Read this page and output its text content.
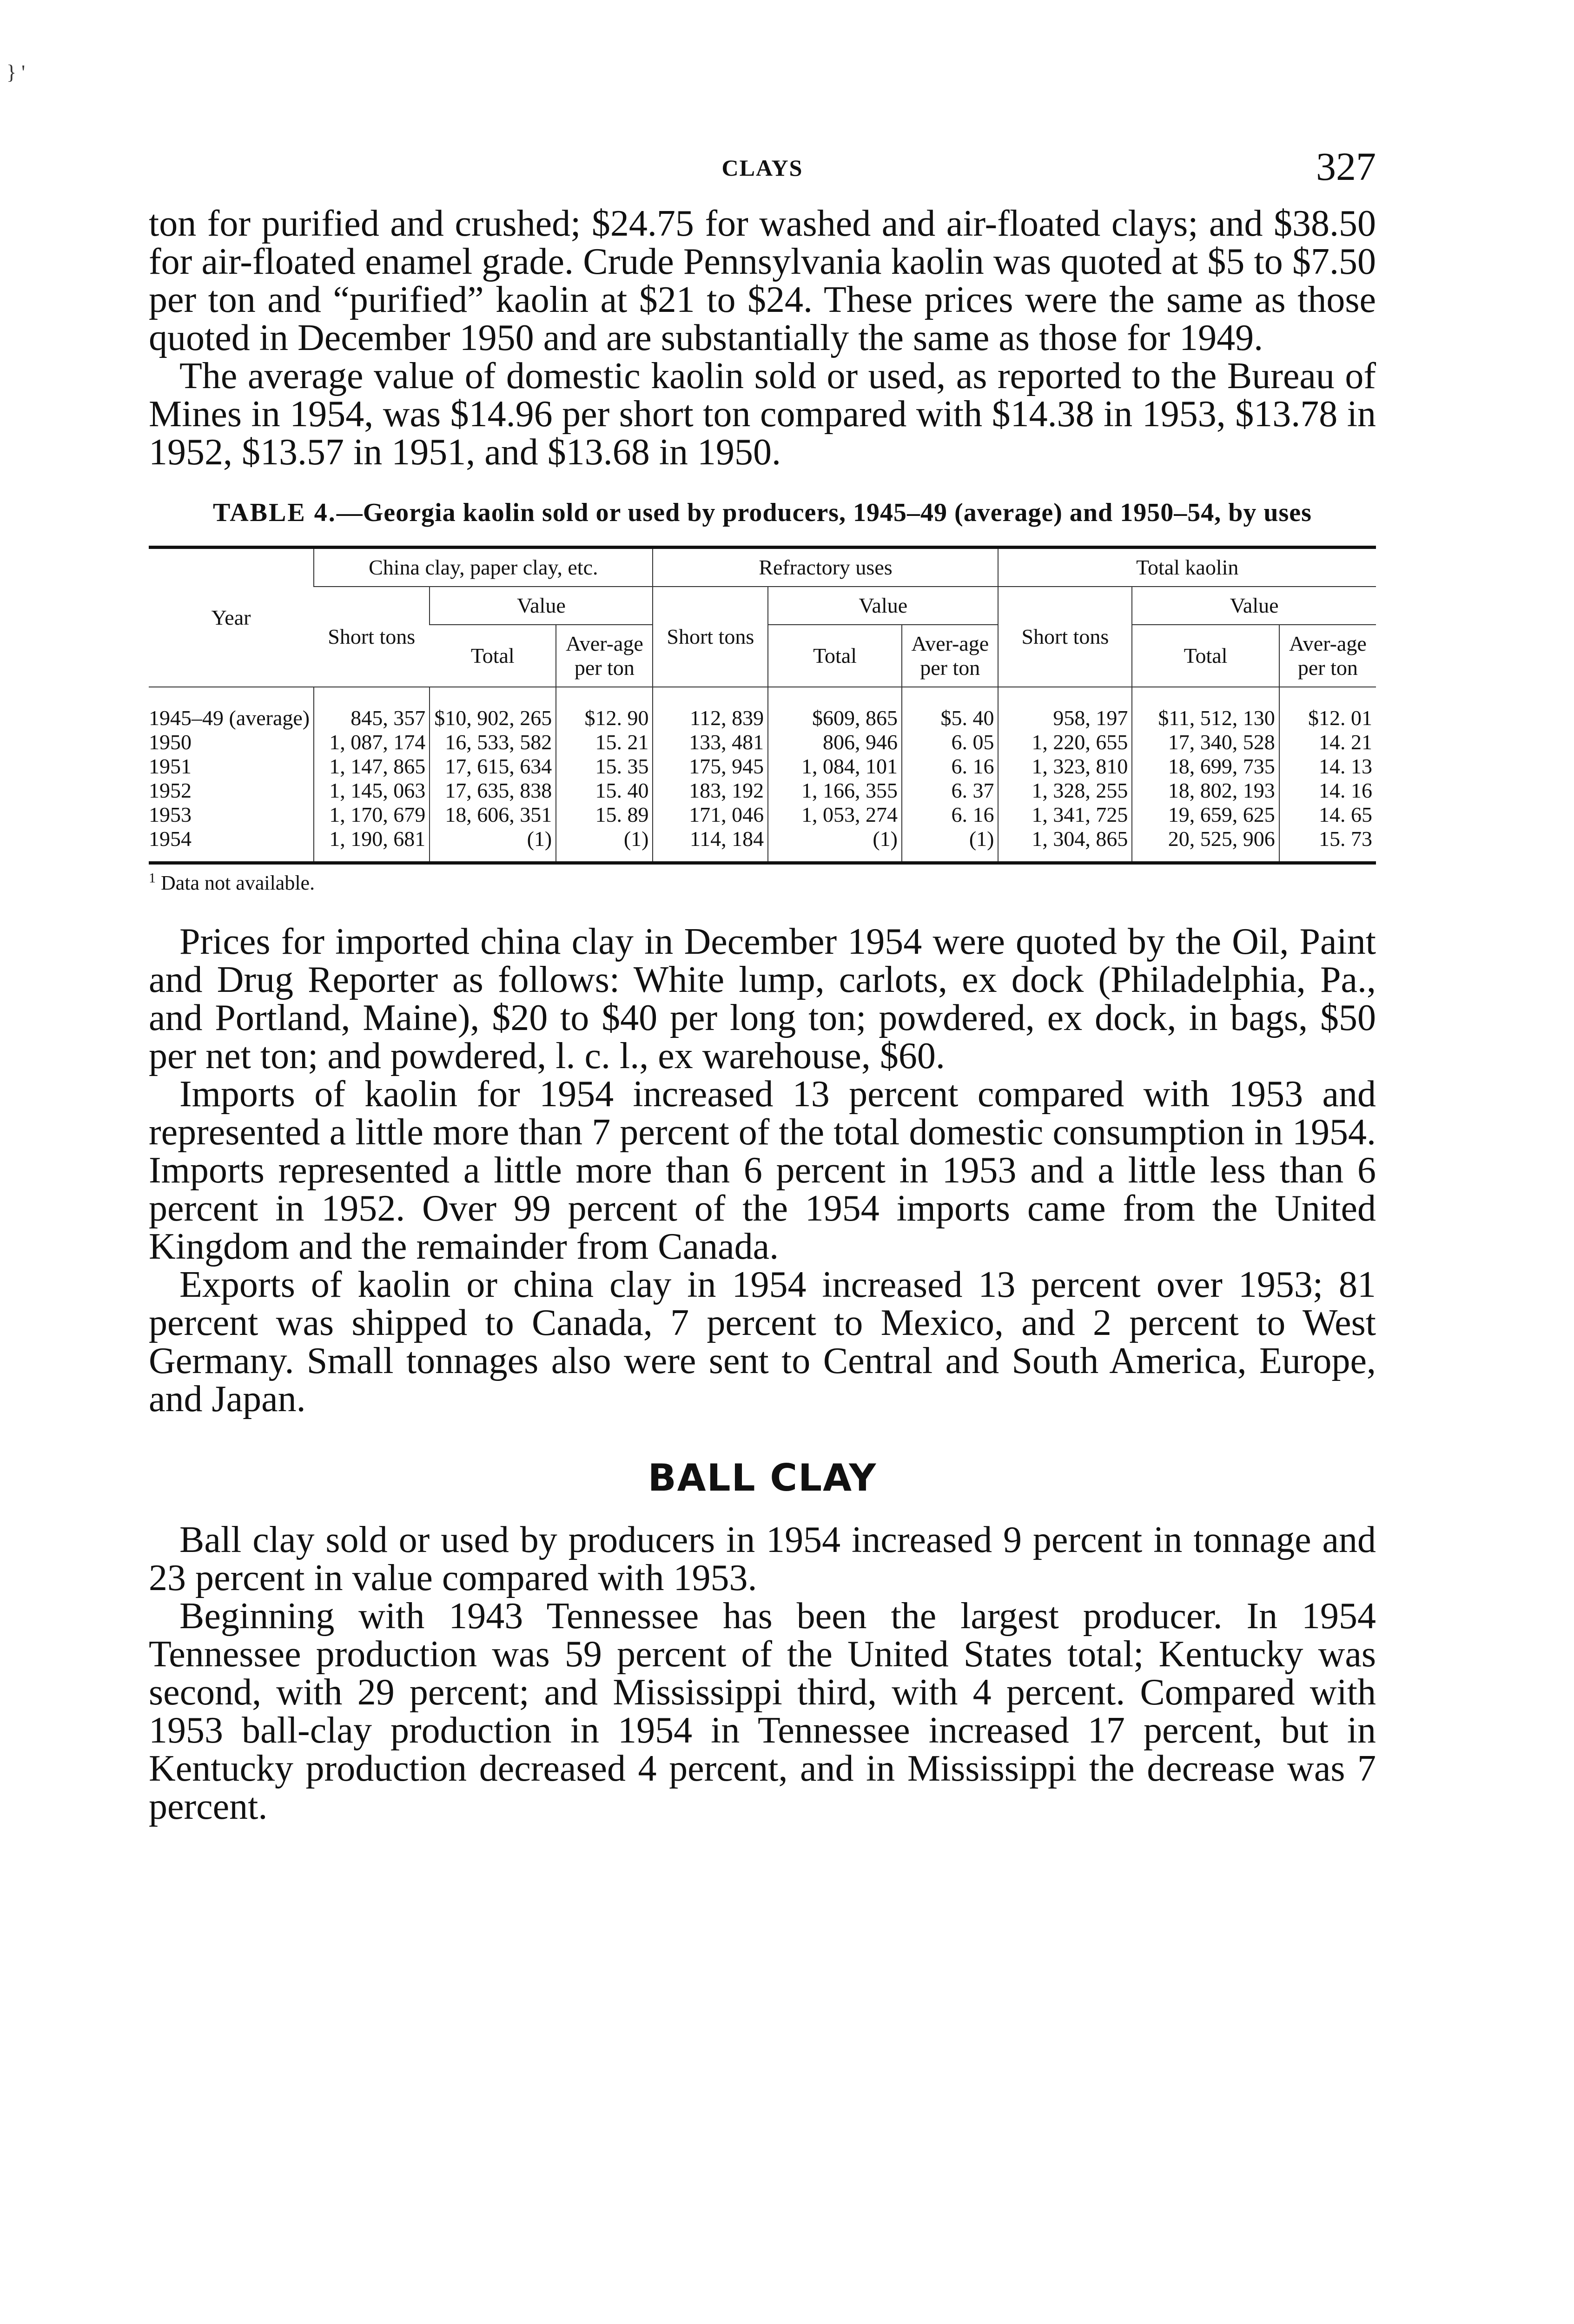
} '
CLAYS	327

ton for purified and crushed; $24.75 for washed and air-floated clays; and $38.50 for air-floated enamel grade. Crude Pennsylvania kaolin was quoted at $5 to $7.50 per ton and “purified” kaolin at $21 to $24. These prices were the same as those quoted in December 1950 and are substantially the same as those for 1949.

The average value of domestic kaolin sold or used, as reported to the Bureau of Mines in 1954, was $14.96 per short ton compared with $14.38 in 1953, $13.78 in 1952, $13.57 in 1951, and $13.68 in 1950.

TABLE 4.—Georgia kaolin sold or used by producers, 1945–49 (average) and 1950–54, by uses
Year	China clay, paper clay, etc.			Refractory uses			Total kaolin		
	Short tons	Value		Short tons	Value		Short tons	Value	
		Total	Aver-age per ton		Total	Aver-age per ton		Total	Aver-age per ton
1945–49 (average)	845, 357	$10, 902, 265	$12. 90	112, 839	$609, 865	$5. 40	958, 197	$11, 512, 130	$12. 01
1950	1, 087, 174	16, 533, 582	15. 21	133, 481	806, 946	6. 05	1, 220, 655	17, 340, 528	14. 21
1951	1, 147, 865	17, 615, 634	15. 35	175, 945	1, 084, 101	6. 16	1, 323, 810	18, 699, 735	14. 13
1952	1, 145, 063	17, 635, 838	15. 40	183, 192	1, 166, 355	6. 37	1, 328, 255	18, 802, 193	14. 16
1953	1, 170, 679	18, 606, 351	15. 89	171, 046	1, 053, 274	6. 16	1, 341, 725	19, 659, 625	14. 65
1954	1, 190, 681	(1)	(1)	114, 184	(1)	(1)	1, 304, 865	20, 525, 906	15. 73
$^1$ Data not available.

Prices for imported china clay in December 1954 were quoted by the Oil, Paint and Drug Reporter as follows: White lump, carlots, ex dock (Philadelphia, Pa., and Portland, Maine), $20 to $40 per long ton; powdered, ex dock, in bags, $50 per net ton; and powdered, l. c. l., ex warehouse, $60.

Imports of kaolin for 1954 increased 13 percent compared with 1953 and represented a little more than 7 percent of the total domestic consumption in 1954. Imports represented a little more than 6 percent in 1953 and a little less than 6 percent in 1952. Over 99 percent of the 1954 imports came from the United Kingdom and the remainder from Canada.

Exports of kaolin or china clay in 1954 increased 13 percent over 1953; 81 percent was shipped to Canada, 7 percent to Mexico, and 2 percent to West Germany. Small tonnages also were sent to Central and South America, Europe, and Japan.

BALL CLAY

Ball clay sold or used by producers in 1954 increased 9 percent in tonnage and 23 percent in value compared with 1953.

Beginning with 1943 Tennessee has been the largest producer. In 1954 Tennessee production was 59 percent of the United States total; Kentucky was second, with 29 percent; and Mississippi third, with 4 percent. Compared with 1953 ball-clay production in 1954 in Tennessee increased 17 percent, but in Kentucky production decreased 4 percent, and in Mississippi the decrease was 7 percent.
